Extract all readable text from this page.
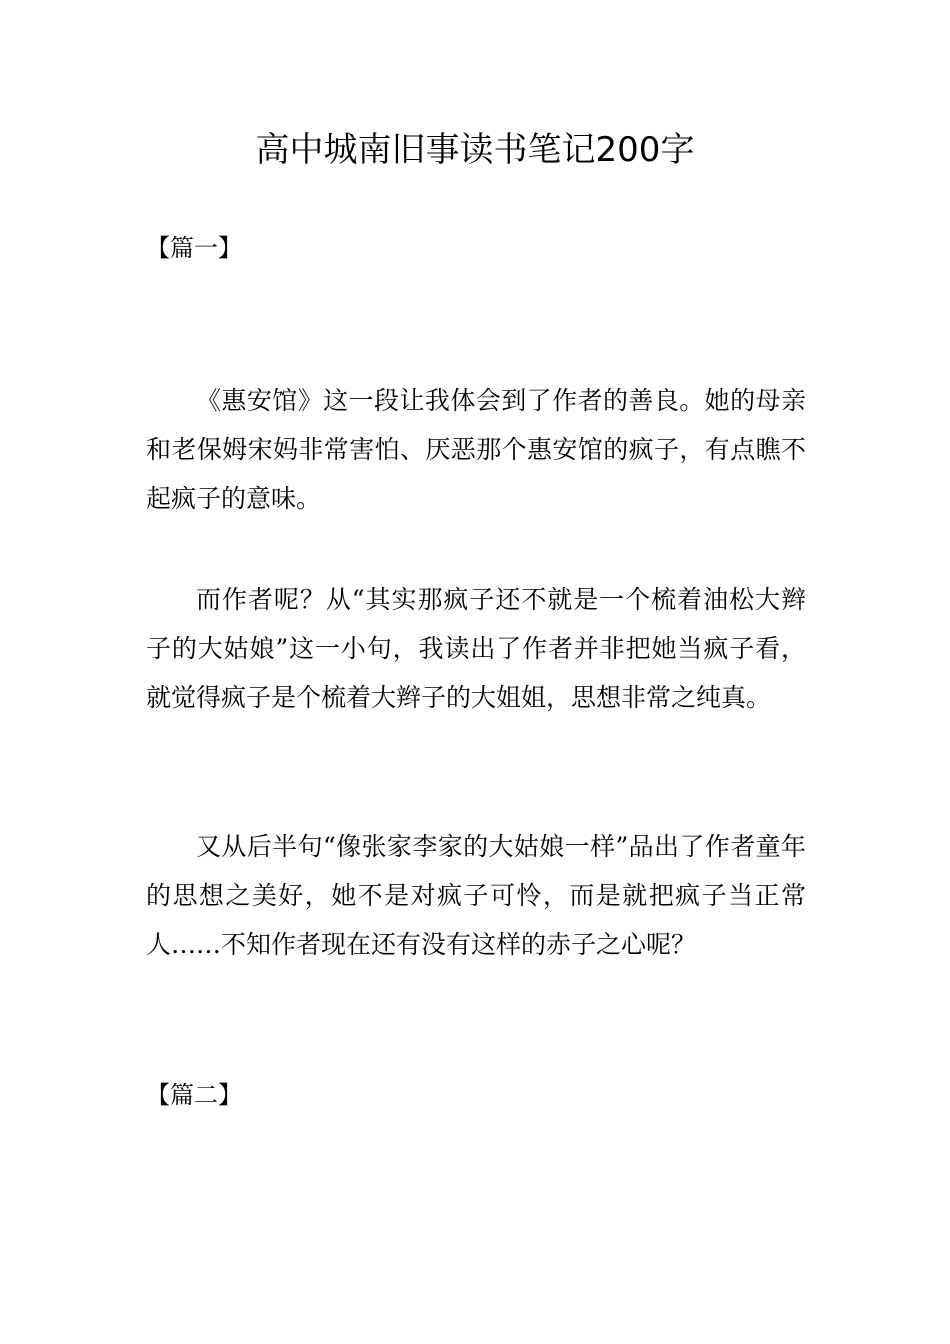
高中城南旧事读书笔记200字
【篇一】

《惠安馆》这一段让我体会到了作者的善良。她的母亲和老保姆宋妈非常害怕、厌恶那个惠安馆的疯子，有点瞧不起疯子的意味。

而作者呢？从“其实那疯子还不就是一个梳着油松大辫子的大姑娘”这一小句，我读出了作者并非把她当疯子看，就觉得疯子是个梳着大辫子的大姐姐，思想非常之纯真。

又从后半句“像张家李家的大姑娘一样”品出了作者童年的思想之美好，她不是对疯子可怜，而是就把疯子当正常人……不知作者现在还有没有这样的赤子之心呢？

【篇二】
